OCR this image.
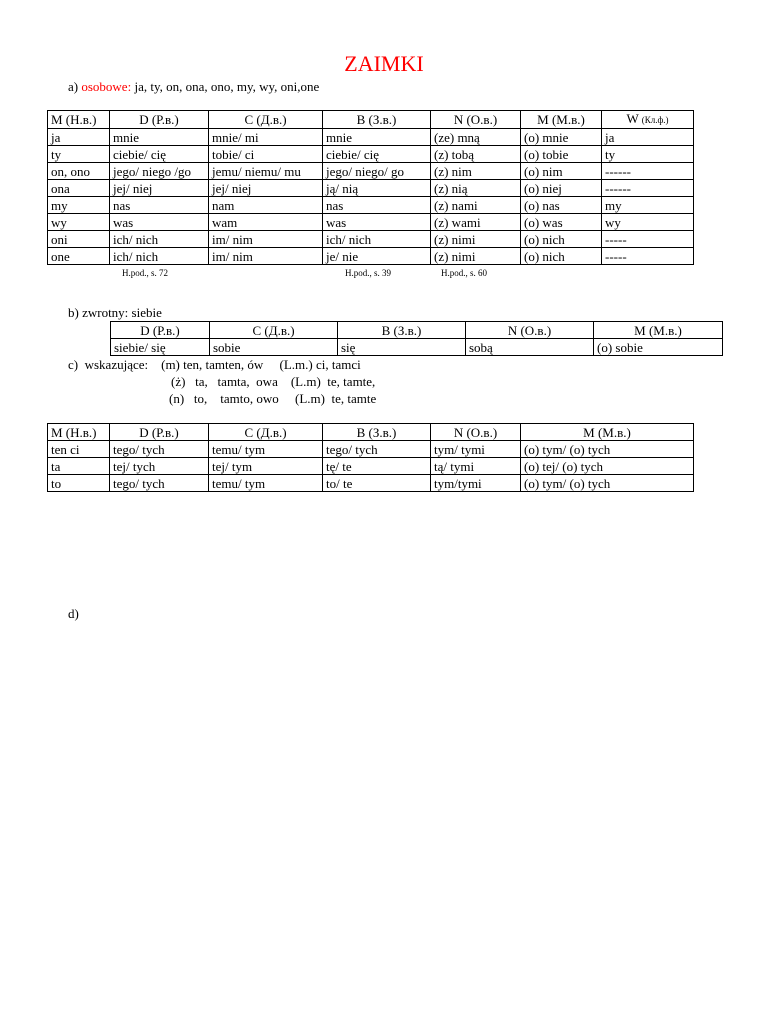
ZAIMKI
a) osobowe: ja, ty, on, ona, ono, my, wy, oni,one
M (Н.в.)	D (Р.в.)	C (Д.в.)	B (З.в.)	N (О.в.)	M (М.в.)	W (Кл.ф.)
ja	mnie	mnie/ mi	mnie	(ze) mną	(o) mnie	ja
ty	ciebie/ cię	tobie/ ci	ciebie/ cię	(z) tobą	(o) tobie	ty
on, ono	jego/ niego /go	jemu/ niemu/ mu	jego/ niego/ go	(z) nim	(o) nim	------
ona	jej/ niej	jej/ niej	ją/ nią	(z) nią	(o) niej	------
my	nas	nam	nas	(z) nami	(o) nas	my
wy	was	wam	was	(z) wami	(o) was	wy
oni	ich/ nich	im/ nim	ich/ nich	(z) nimi	(o) nich	-----
one	ich/ nich	im/ nim	je/ nie	(z) nimi	(o) nich	-----
H.pod., s. 72	H.pod., s. 39	H.pod., s. 60
b) zwrotny: siebie
D (Р.в.)	C (Д.в.)	B (З.в.)	N (О.в.)	M (М.в.)
siebie/ się	sobie	się	sobą	(o) sobie
c)  wskazujące:    (m) ten, tamten, ów     (L.m.) ci, tamci
(ż)   ta,   tamta,  owa    (L.m)  te, tamte,
(n)   to,    tamto, owo     (L.m)  te, tamte
M (Н.в.)	D (Р.в.)	C (Д.в.)	B (З.в.)	N (О.в.)	M (М.в.)
ten ci	tego/ tych	temu/ tym	tego/ tych	tym/ tymi	(o) tym/ (o) tych
ta	tej/ tych	tej/ tym	tę/ te	tą/ tymi	(o) tej/ (o) tych
to	tego/ tych	temu/ tym	to/ te	tym/tymi	(o) tym/ (o) tych
d)
